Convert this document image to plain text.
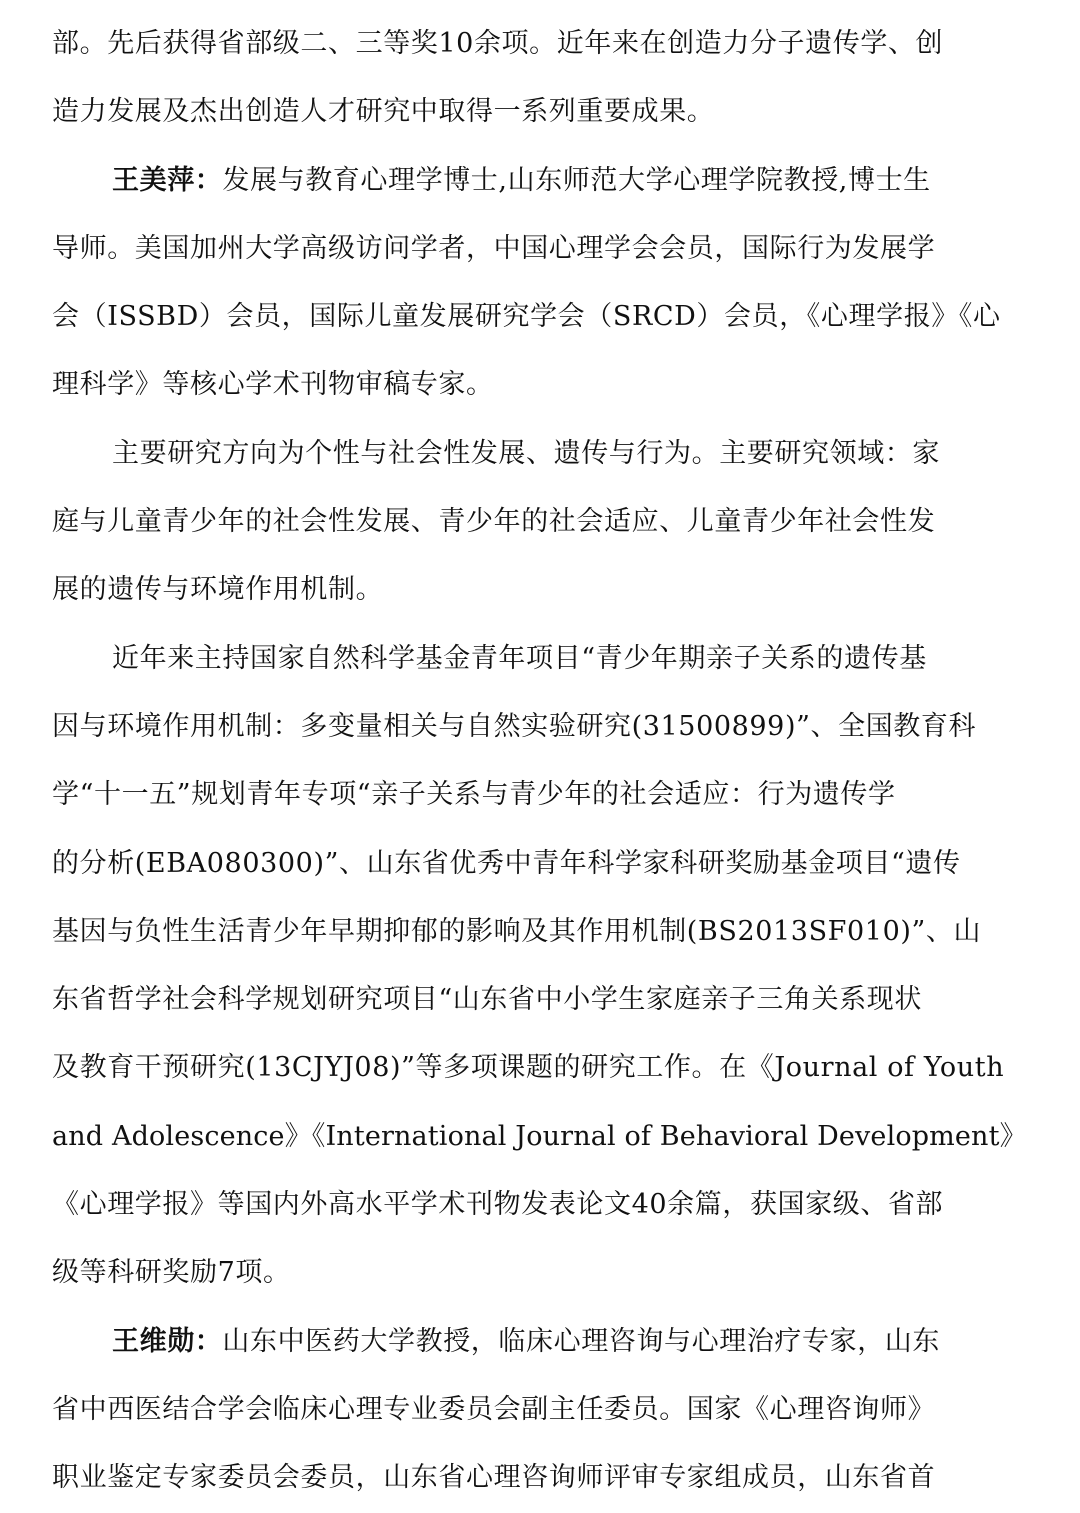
部。先后获得省部级二、三等奖10余项。近年来在创造力分子遗传学、创
造力发展及杰出创造人才研究中取得一系列重要成果。
王美萍：发展与教育心理学博士,山东师范大学心理学院教授,博士生
导师。美国加州大学高级访问学者，中国心理学会会员，国际行为发展学
会（ISSBD）会员，国际儿童发展研究学会（SRCD）会员，《心理学报》《心
理科学》等核心学术刊物审稿专家。
主要研究方向为个性与社会性发展、遗传与行为。主要研究领域：家
庭与儿童青少年的社会性发展、青少年的社会适应、儿童青少年社会性发
展的遗传与环境作用机制。
近年来主持国家自然科学基金青年项目“青少年期亲子关系的遗传基
因与环境作用机制：多变量相关与自然实验研究(31500899)”、全国教育科
学“十一五”规划青年专项“亲子关系与青少年的社会适应：行为遗传学
的分析(EBA080300)”、山东省优秀中青年科学家科研奖励基金项目“遗传
基因与负性生活青少年早期抑郁的影响及其作用机制(BS2013SF010)”、山
东省哲学社会科学规划研究项目“山东省中小学生家庭亲子三角关系现状
及教育干预研究(13CJYJ08)”等多项课题的研究工作。在《Journal of Youth
and Adolescence》《International Journal of Behavioral Development》
《心理学报》等国内外高水平学术刊物发表论文40余篇，获国家级、省部
级等科研奖励7项。
王维勋：山东中医药大学教授，临床心理咨询与心理治疗专家，山东
省中西医结合学会临床心理专业委员会副主任委员。国家《心理咨询师》
职业鉴定专家委员会委员，山东省心理咨询师评审专家组成员，山东省首
